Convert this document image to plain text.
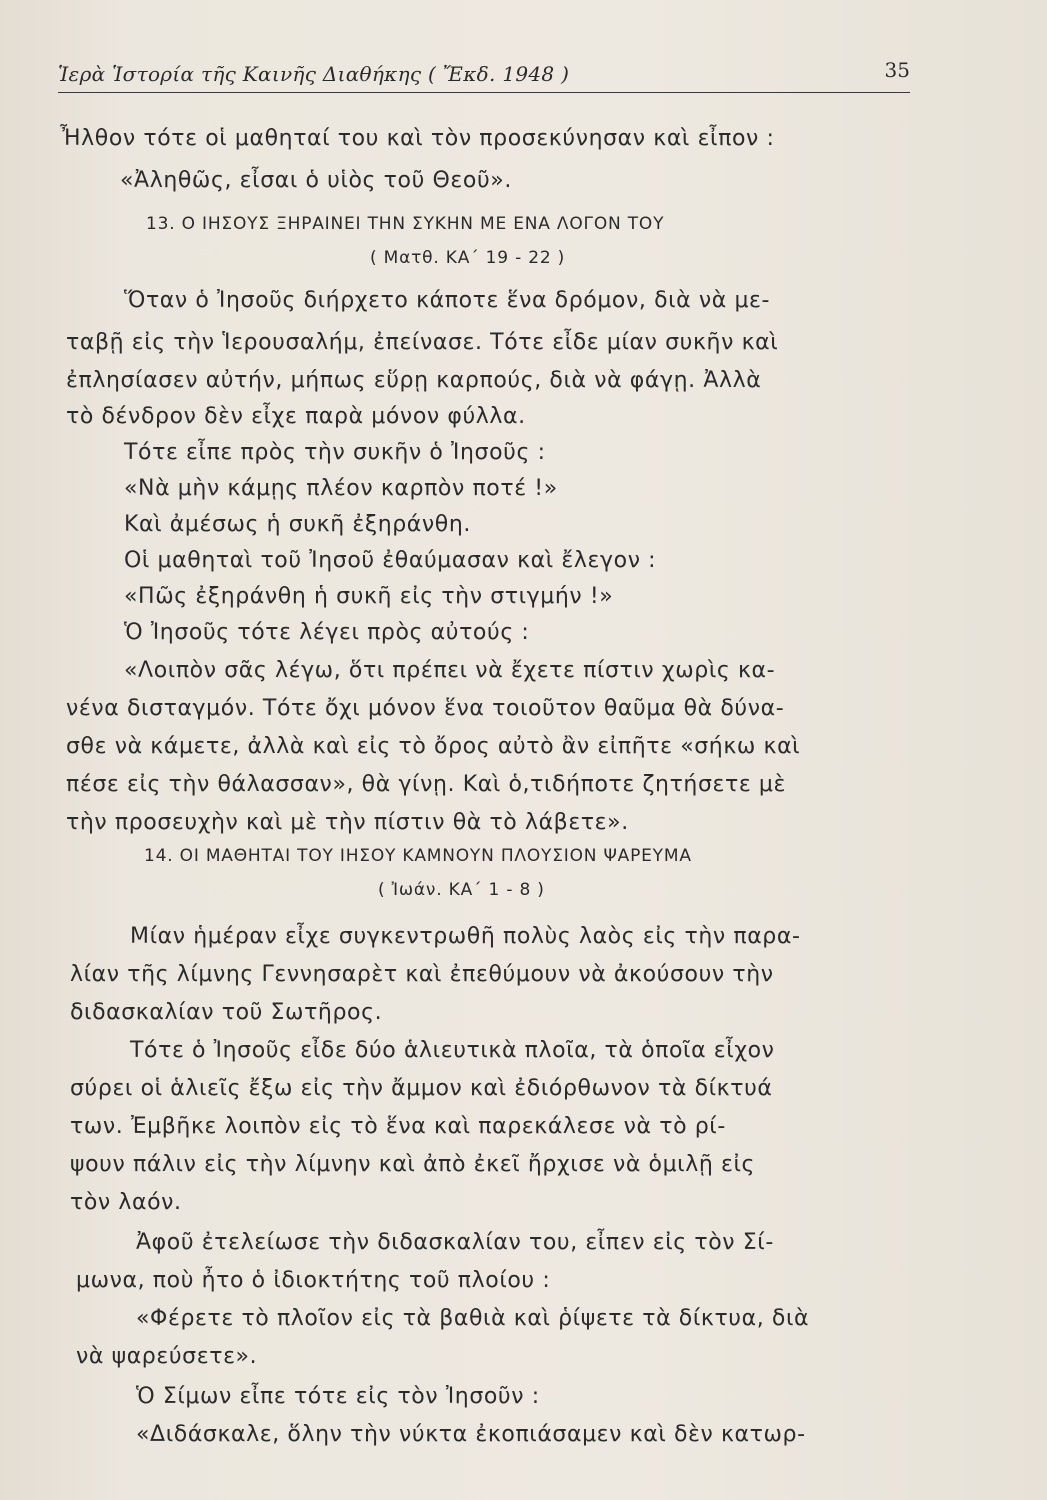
Ἱερὰ Ἱστορία τῆς Καινῆς Διαθήκης ( Ἔκδ. 1948 )	35
Ἦλθον τότε οἱ μαθηταί του καὶ τὸν προσεκύνησαν καὶ εἶπον :
«Ἀληθῶς, εἶσαι ὁ υἱὸς τοῦ Θεοῦ».
13. Ο ΙΗΣΟΥΣ ΞΗΡΑΙΝΕΙ ΤΗΝ ΣΥΚΗΝ ΜΕ ΕΝΑ ΛΟΓΟΝ ΤΟΥ
( Ματθ. ΚΑ΄ 19 - 22 )
Ὅταν ὁ Ἰησοῦς διήρχετο κάποτε ἕνα δρόμον, διὰ νὰ με-
ταβῇ εἰς τὴν Ἱερουσαλήμ, ἐπείνασε. Τότε εἶδε μίαν συκῆν καὶ
ἐπλησίασεν αὐτήν, μήπως εὕρῃ καρπούς, διὰ νὰ φάγῃ. Ἀλλὰ
τὸ δένδρον δὲν εἶχε παρὰ μόνον φύλλα.
Τότε εἶπε πρὸς τὴν συκῆν ὁ Ἰησοῦς :
«Νὰ μὴν κάμῃς πλέον καρπὸν ποτέ !»
Καὶ ἀμέσως ἡ συκῆ ἐξηράνθη.
Οἱ μαθηταὶ τοῦ Ἰησοῦ ἐθαύμασαν καὶ ἔλεγον :
«Πῶς ἐξηράνθη ἡ συκῆ εἰς τὴν στιγμήν !»
Ὁ Ἰησοῦς τότε λέγει πρὸς αὐτούς :
«Λοιπὸν σᾶς λέγω, ὅτι πρέπει νὰ ἔχετε πίστιν χωρὶς κα-
νένα δισταγμόν. Τότε ὄχι μόνον ἕνα τοιοῦτον θαῦμα θὰ δύνα-
σθε νὰ κάμετε, ἀλλὰ καὶ εἰς τὸ ὄρος αὐτὸ ἂν εἰπῆτε «σήκω καὶ
πέσε εἰς τὴν θάλασσαν», θὰ γίνῃ. Καὶ ὁ,τιδήποτε ζητήσετε μὲ
τὴν προσευχὴν καὶ μὲ τὴν πίστιν θὰ τὸ λάβετε».
14. ΟΙ ΜΑΘΗΤΑΙ ΤΟΥ ΙΗΣΟΥ ΚΑΜΝΟΥΝ ΠΛΟΥΣΙΟΝ ΨΑΡΕΥΜΑ
( Ἰωάν. ΚΑ΄ 1 - 8 )
Μίαν ἡμέραν εἶχε συγκεντρωθῆ πολὺς λαὸς εἰς τὴν παρα-
λίαν τῆς λίμνης Γεννησαρὲτ καὶ ἐπεθύμουν νὰ ἀκούσουν τὴν
διδασκαλίαν τοῦ Σωτῆρος.
Τότε ὁ Ἰησοῦς εἶδε δύο ἁλιευτικὰ πλοῖα, τὰ ὁποῖα εἶχον
σύρει οἱ ἁλιεῖς ἔξω εἰς τὴν ἄμμον καὶ ἐδιόρθωνον τὰ δίκτυά
των. Ἐμβῆκε λοιπὸν εἰς τὸ ἕνα καὶ παρεκάλεσε νὰ τὸ ρί-
ψουν πάλιν εἰς τὴν λίμνην καὶ ἀπὸ ἐκεῖ ἤρχισε νὰ ὁμιλῇ εἰς
τὸν λαόν.
Ἀφοῦ ἐτελείωσε τὴν διδασκαλίαν του, εἶπεν εἰς τὸν Σί-
μωνα, ποὺ ἦτο ὁ ἰδιοκτήτης τοῦ πλοίου :
«Φέρετε τὸ πλοῖον εἰς τὰ βαθιὰ καὶ ῥίψετε τὰ δίκτυα, διὰ
νὰ ψαρεύσετε».
Ὁ Σίμων εἶπε τότε εἰς τὸν Ἰησοῦν :
«Διδάσκαλε, ὅλην τὴν νύκτα ἐκοπιάσαμεν καὶ δὲν κατωρ-
